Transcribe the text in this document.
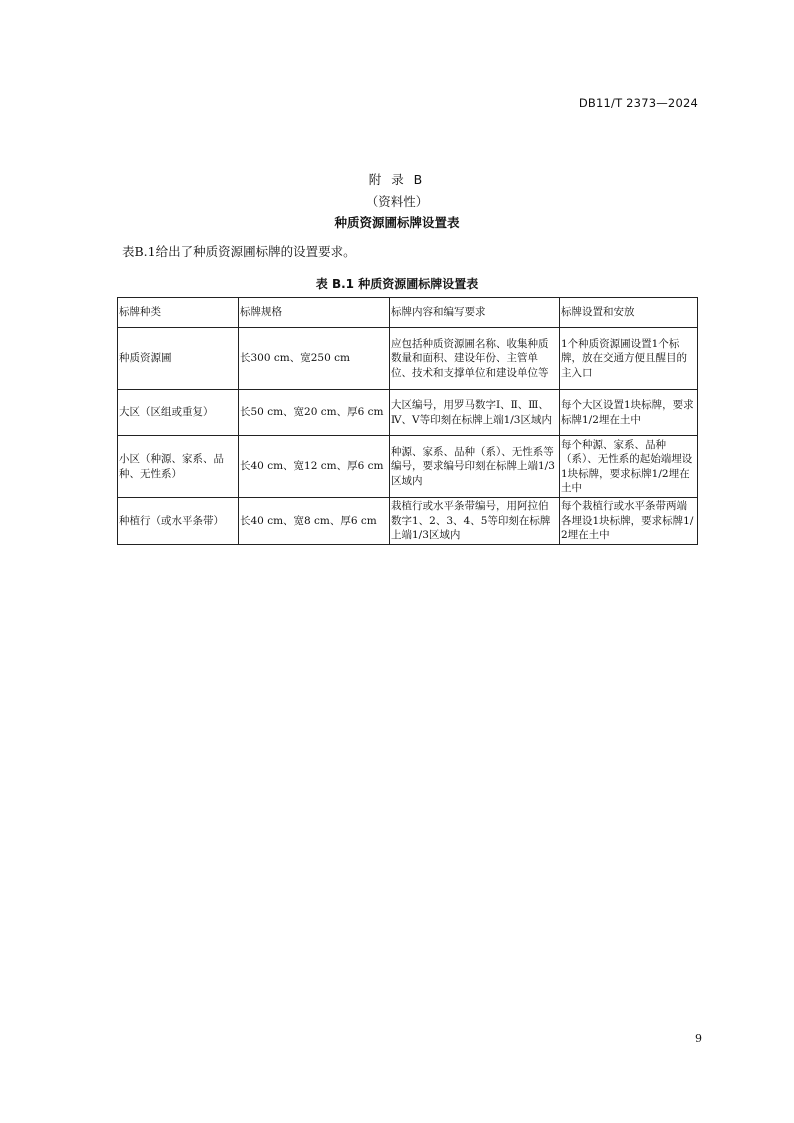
DB11/T 2373—2024
附 录 B
（资料性）
种质资源圃标牌设置表
表B.1给出了种质资源圃标牌的设置要求。
表 B.1 种质资源圃标牌设置表
标牌种类	标牌规格	标牌内容和编写要求	标牌设置和安放
种质资源圃	长300 cm、宽250 cm	应包括种质资源圃名称、收集种质数量和面积、建设年份、主管单位、技术和支撑单位和建设单位等	1个种质资源圃设置1个标牌，放在交通方便且醒目的主入口
大区（区组或重复）	长50 cm、宽20 cm、厚6 cm	大区编号，用罗马数字Ⅰ、Ⅱ、Ⅲ、Ⅳ、Ⅴ等印刻在标牌上端1/3区域内	每个大区设置1块标牌，要求标牌1/2埋在土中
小区（种源、家系、品种、无性系）	长40 cm、宽12 cm、厚6 cm	种源、家系、品种（系）、无性系等编号，要求编号印刻在标牌上端1/3区域内	每个种源、家系、品种（系）、无性系的起始端埋设1块标牌，要求标牌1/2埋在土中
种植行（或水平条带）	长40 cm、宽8 cm、厚6 cm	栽植行或水平条带编号，用阿拉伯数字1、2、3、4、5等印刻在标牌上端1/3区域内	每个栽植行或水平条带两端各埋设1块标牌，要求标牌1/2埋在土中
9
